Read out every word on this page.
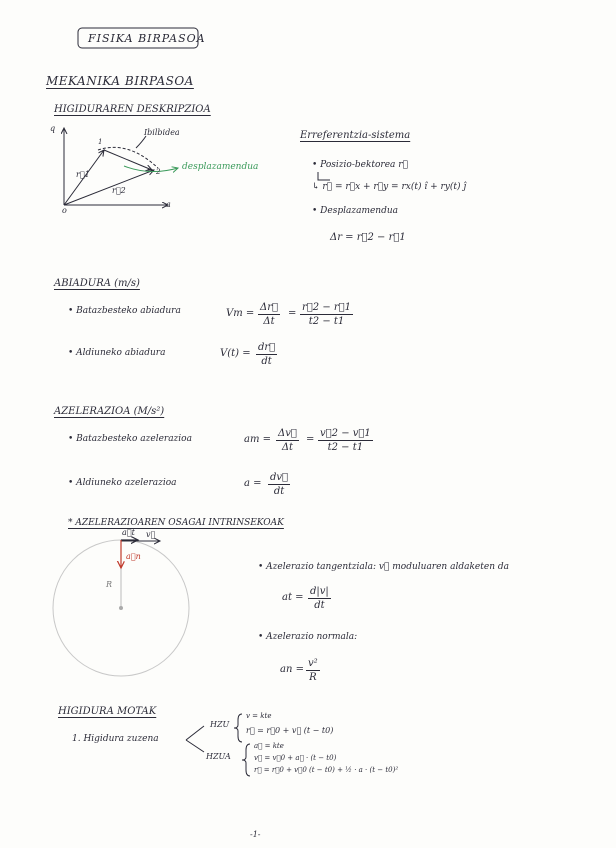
FISIKA BIRPASOA
MEKANIKA BIRPASOA
HIGIDURAREN DESKRIPZIOA
q
a
o
r⃗1
r⃗2
1
2
Ibilbidea
desplazamendua
Erreferentzia-sistema
• Posizio-bektorea r⃗
↳ r⃗ = r⃗x + r⃗y = rx(t) î + ry(t) ĵ
• Desplazamendua
Δr = r⃗2 − r⃗1
ABIADURA (m/s)
• Batazbesteko abiadura	$Vm = \frac{\Delta r⃗}{\Delta t} = \frac{r⃗2 - r⃗1}{t2 - t1}$
• Aldiuneko abiadura	$V(t) = \frac{dr⃗}{dt}$
AZELERAZIOA (M/s²)
• Batazbesteko azelerazioa	am = $\frac{\Delta v⃗}{\Delta t} = \frac{v⃗2 - v⃗1}{t2 - t1}$
• Aldiuneko azelerazioa	$a = \frac{dv⃗}{dt}$
* AZELERAZIOAREN OSAGAI INTRINSEKOAK
a⃗t v⃗
a⃗n
R
• Azelerazio tangentziala: v⃗ moduluaren aldaketen da
at = $\frac{d|v|}{dt}$
• Azelerazio normala:
an = $\frac{\text{v²}}{R}$
HIGIDURA MOTAK
1. Higidura zuzena
HZU
v = kte
r⃗ = r⃗0 + v⃗ (t − t0)
HZUA
a⃗ = kte
v⃗ = v⃗0 + a⃗ · (t − t0)
r⃗ = r⃗0 + v⃗0 (t − t0) + ½ · a · (t − t0)²
-1-
